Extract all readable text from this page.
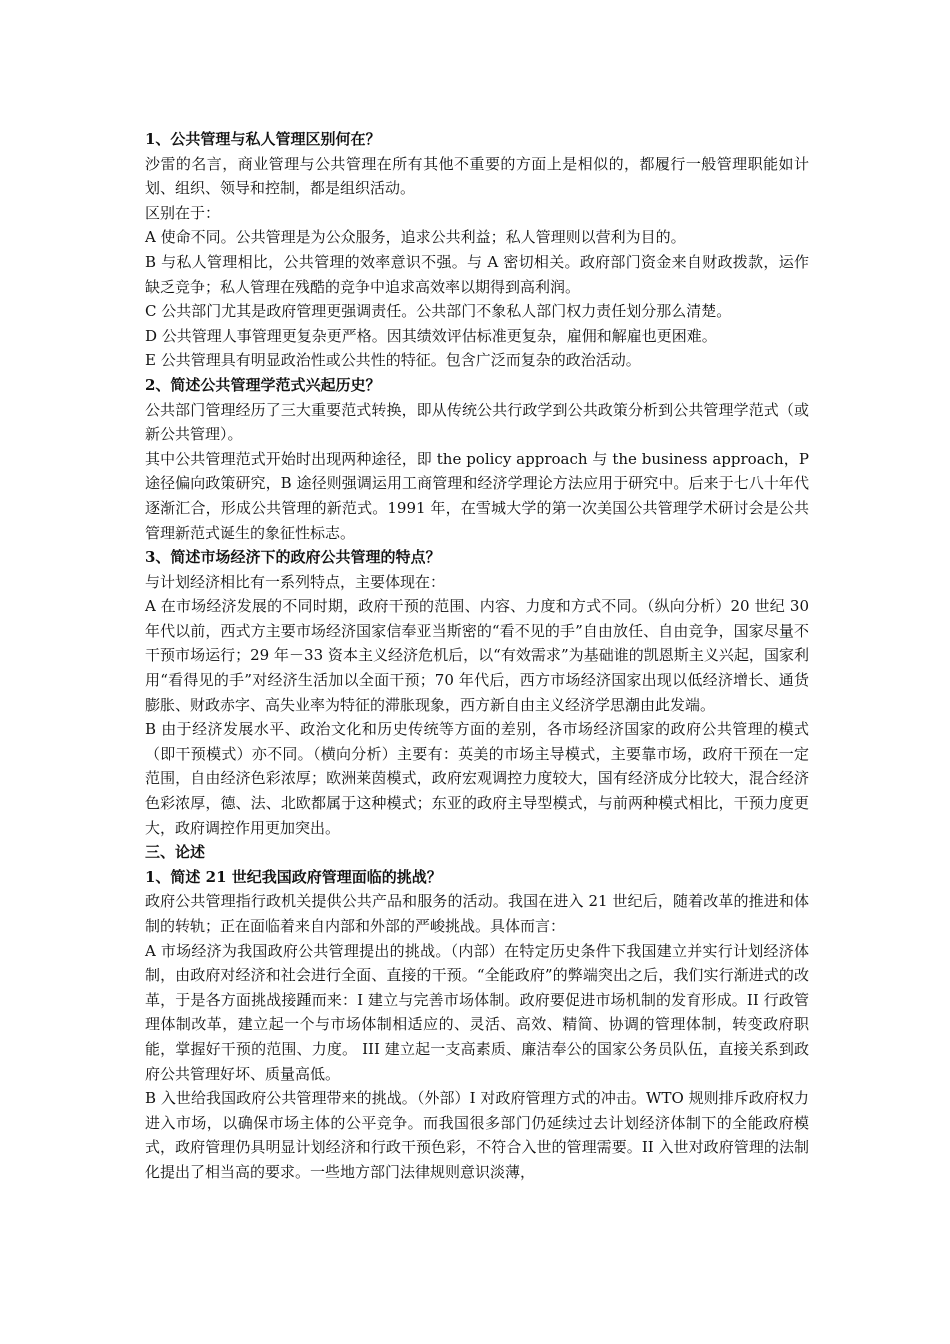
1、公共管理与私人管理区别何在？

沙雷的名言，商业管理与公共管理在所有其他不重要的方面上是相似的，都履行一般管理职能如计划、组织、领导和控制，都是组织活动。

区别在于：

A 使命不同。公共管理是为公众服务，追求公共利益；私人管理则以营利为目的。

B 与私人管理相比，公共管理的效率意识不强。与 A 密切相关。政府部门资金来自财政拨款，运作缺乏竞争；私人管理在残酷的竞争中追求高效率以期得到高利润。

C 公共部门尤其是政府管理更强调责任。公共部门不象私人部门权力责任划分那么清楚。

D 公共管理人事管理更复杂更严格。因其绩效评估标准更复杂，雇佣和解雇也更困难。

E 公共管理具有明显政治性或公共性的特征。包含广泛而复杂的政治活动。

2、简述公共管理学范式兴起历史？

公共部门管理经历了三大重要范式转换，即从传统公共行政学到公共政策分析到公共管理学范式（或新公共管理）。

其中公共管理范式开始时出现两种途径，即 the policy approach 与 the business approach，P 途径偏向政策研究，B 途径则强调运用工商管理和经济学理论方法应用于研究中。后来于七八十年代逐渐汇合，形成公共管理的新范式。1991 年，在雪城大学的第一次美国公共管理学术研讨会是公共管理新范式诞生的象征性标志。

3、简述市场经济下的政府公共管理的特点？

与计划经济相比有一系列特点，主要体现在：

A 在市场经济发展的不同时期，政府干预的范围、内容、力度和方式不同。（纵向分析）20 世纪 30 年代以前，西式方主要市场经济国家信奉亚当斯密的“看不见的手”自由放任、自由竞争，国家尽量不干预市场运行；29 年－33 资本主义经济危机后，以“有效需求”为基础谁的凯恩斯主义兴起，国家利用“看得见的手”对经济生活加以全面干预；70 年代后，西方市场经济国家出现以低经济增长、通货膨胀、财政赤字、高失业率为特征的滞胀现象，西方新自由主义经济学思潮由此发端。

B 由于经济发展水平、政治文化和历史传统等方面的差别，各市场经济国家的政府公共管理的模式（即干预模式）亦不同。（横向分析）主要有：英美的市场主导模式，主要靠市场，政府干预在一定范围，自由经济色彩浓厚；欧洲莱茵模式，政府宏观调控力度较大，国有经济成分比较大，混合经济色彩浓厚，德、法、北欧都属于这种模式；东亚的政府主导型模式，与前两种模式相比，干预力度更大，政府调控作用更加突出。

三、论述

1、简述 21 世纪我国政府管理面临的挑战？

政府公共管理指行政机关提供公共产品和服务的活动。我国在进入 21 世纪后，随着改革的推进和体制的转轨；正在面临着来自内部和外部的严峻挑战。具体而言：

A 市场经济为我国政府公共管理提出的挑战。（内部）在特定历史条件下我国建立并实行计划经济体制，由政府对经济和社会进行全面、直接的干预。“全能政府”的弊端突出之后，我们实行渐进式的改革，于是各方面挑战接踵而来：I 建立与完善市场体制。政府要促进市场机制的发育形成。II 行政管理体制改革，建立起一个与市场体制相适应的、灵活、高效、精简、协调的管理体制，转变政府职能，掌握好干预的范围、力度。 III 建立起一支高素质、廉洁奉公的国家公务员队伍，直接关系到政府公共管理好坏、质量高低。

B 入世给我国政府公共管理带来的挑战。（外部）I 对政府管理方式的冲击。WTO 规则排斥政府权力进入市场，以确保市场主体的公平竞争。而我国很多部门仍延续过去计划经济体制下的全能政府模式，政府管理仍具明显计划经济和行政干预色彩，不符合入世的管理需要。II 入世对政府管理的法制化提出了相当高的要求。一些地方部门法律规则意识淡薄，
